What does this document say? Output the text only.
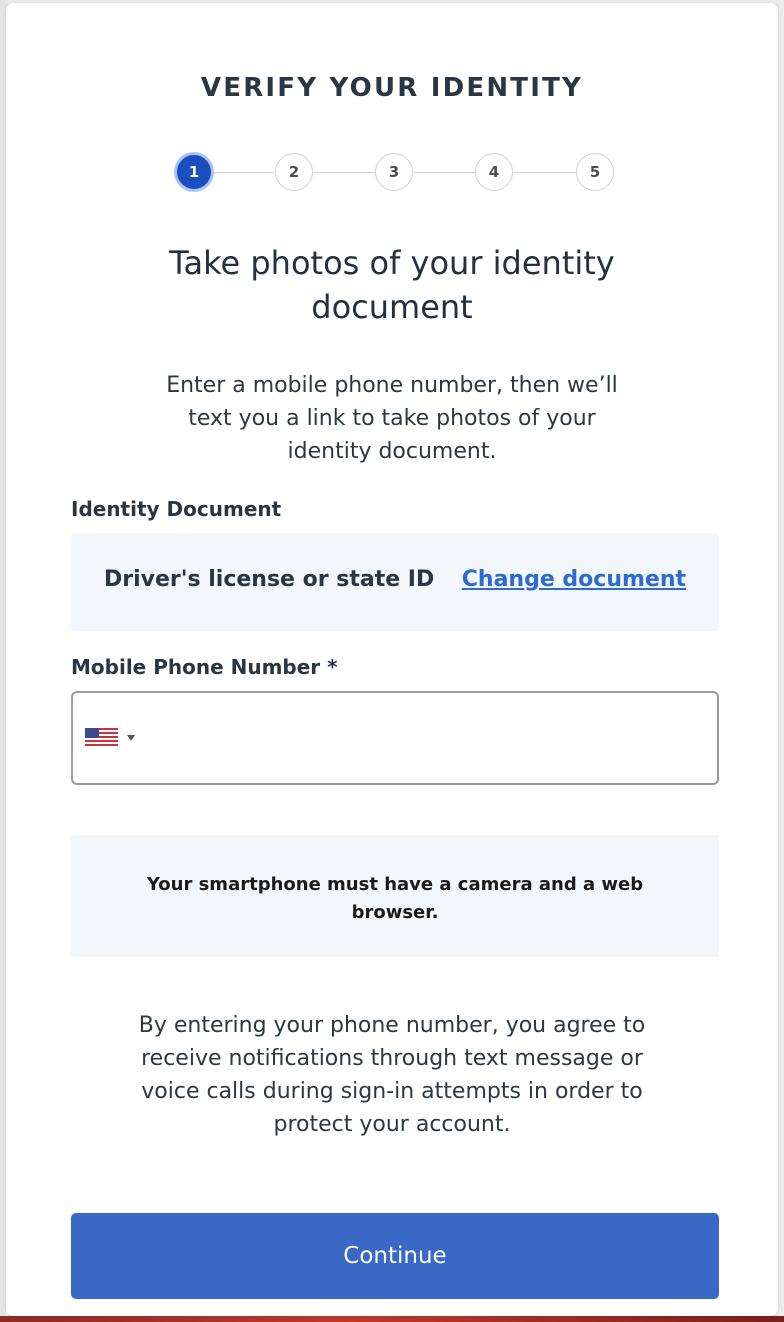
VERIFY YOUR IDENTITY
1	2	3	4	5
Take photos of your identity
document
Enter a mobile phone number, then we’ll text you a link to take photos of your identity document.
Identity Document
Driver's license or state ID Change document
Mobile Phone Number *
Your smartphone must have a camera and a web browser.
By entering your phone number, you agree to receive notifications through text message or voice calls during sign-in attempts in order to protect your account.
Continue
